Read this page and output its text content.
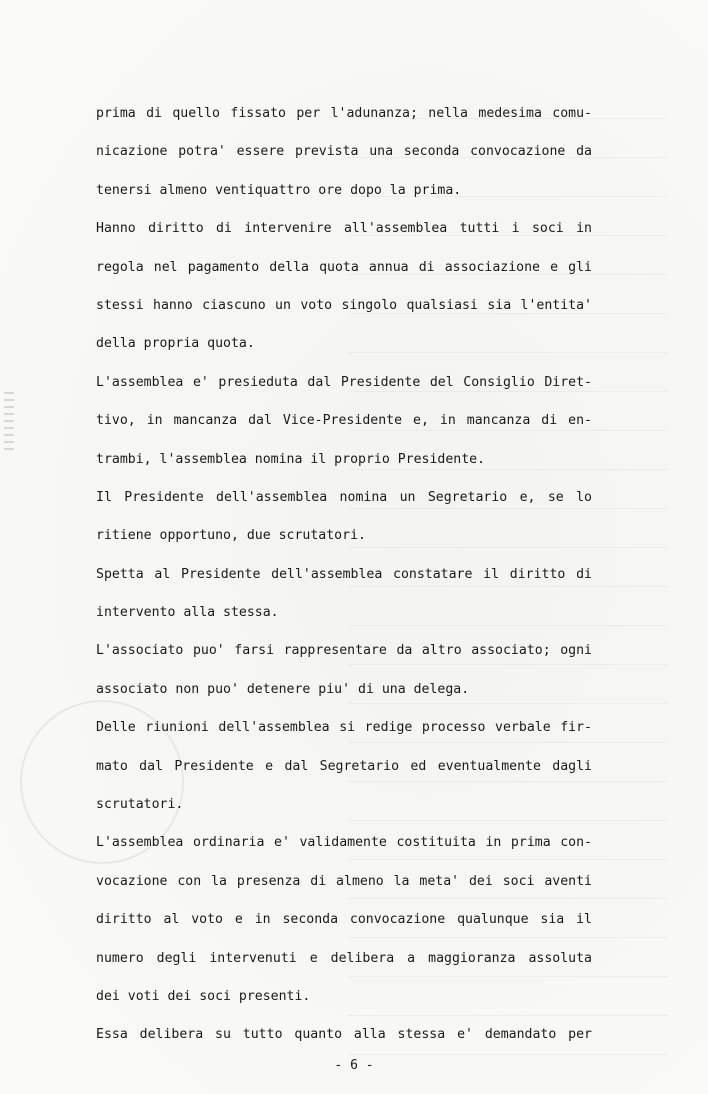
prima di quello fissato per l'adunanza; nella medesima comu-
nicazione potra' essere prevista una seconda convocazione da
tenersi almeno ventiquattro ore dopo la prima.
Hanno diritto di intervenire all'assemblea tutti i soci in
regola nel pagamento della quota annua di associazione e gli
stessi hanno ciascuno un voto singolo qualsiasi sia l'entita'
della propria quota.
L'assemblea e' presieduta dal Presidente del Consiglio Diret-
tivo, in mancanza dal Vice-Presidente e, in mancanza di en-
trambi, l'assemblea nomina il proprio Presidente.
Il Presidente dell'assemblea nomina un Segretario e, se lo
ritiene opportuno, due scrutatori.
Spetta al Presidente dell'assemblea constatare il diritto di
intervento alla stessa.
L'associato puo' farsi rappresentare da altro associato; ogni
associato non puo' detenere piu' di una delega.
Delle riunioni dell'assemblea si redige processo verbale fir-
mato dal Presidente e dal Segretario ed eventualmente dagli
scrutatori.
L'assemblea ordinaria e' validamente costituita in prima con-
vocazione con la presenza di almeno la meta' dei soci aventi
diritto al voto e in seconda convocazione qualunque sia il
numero degli intervenuti e delibera a maggioranza assoluta
dei voti dei soci presenti.
Essa delibera su tutto quanto alla stessa e' demandato per
- 6 -
